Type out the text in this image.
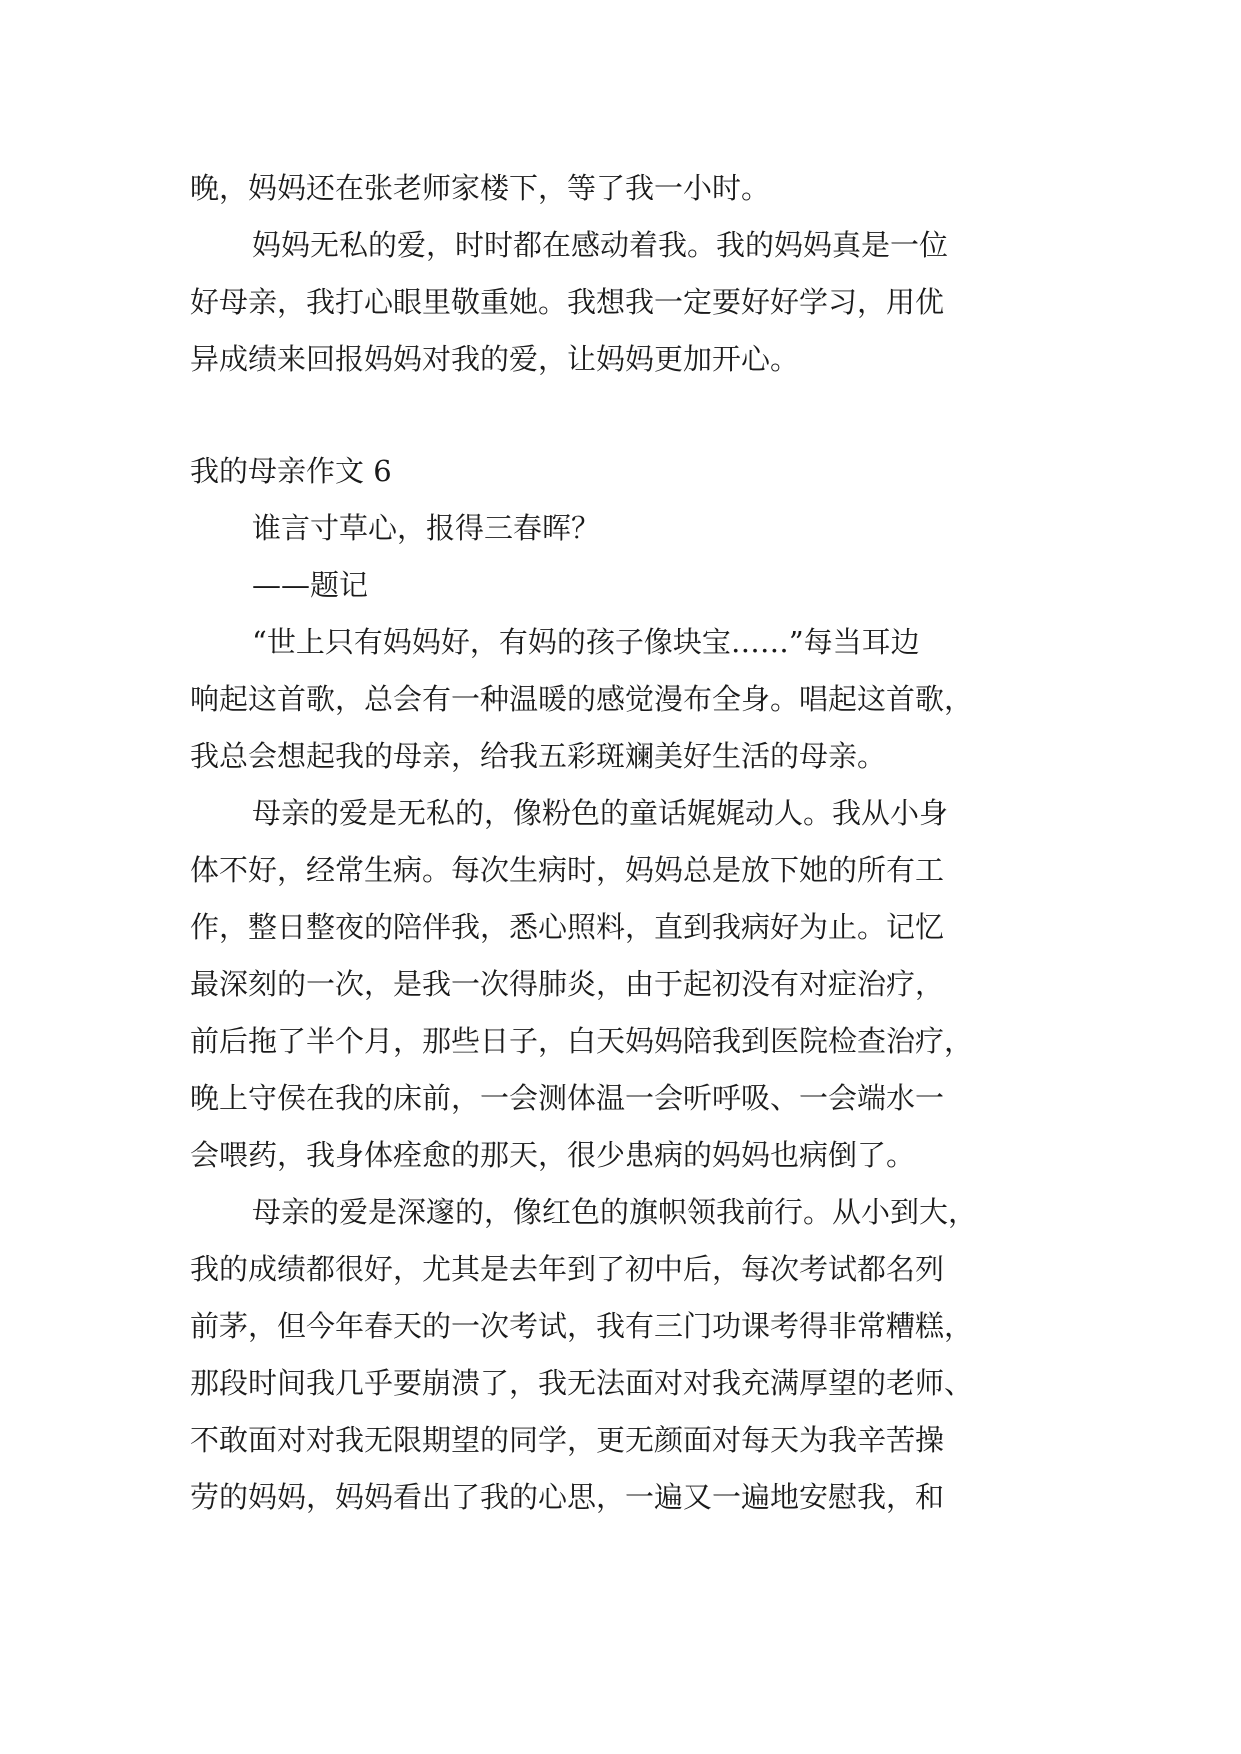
晚，妈妈还在张老师家楼下，等了我一小时。
妈妈无私的爱，时时都在感动着我。我的妈妈真是一位
好母亲，我打心眼里敬重她。我想我一定要好好学习，用优
异成绩来回报妈妈对我的爱，让妈妈更加开心。
我的母亲作文 6
谁言寸草心，报得三春晖？
——题记
“世上只有妈妈好，有妈的孩子像块宝……”每当耳边
响起这首歌，总会有一种温暖的感觉漫布全身。唱起这首歌，
我总会想起我的母亲，给我五彩斑斓美好生活的母亲。
母亲的爱是无私的，像粉色的童话娓娓动人。我从小身
体不好，经常生病。每次生病时，妈妈总是放下她的所有工
作，整日整夜的陪伴我，悉心照料，直到我病好为止。记忆
最深刻的一次，是我一次得肺炎，由于起初没有对症治疗，
前后拖了半个月，那些日子，白天妈妈陪我到医院检查治疗，
晚上守侯在我的床前，一会测体温一会听呼吸、一会端水一
会喂药，我身体痊愈的那天，很少患病的妈妈也病倒了。
母亲的爱是深邃的，像红色的旗帜领我前行。从小到大，
我的成绩都很好，尤其是去年到了初中后，每次考试都名列
前茅，但今年春天的一次考试，我有三门功课考得非常糟糕，
那段时间我几乎要崩溃了，我无法面对对我充满厚望的老师、
不敢面对对我无限期望的同学，更无颜面对每天为我辛苦操
劳的妈妈，妈妈看出了我的心思，一遍又一遍地安慰我，和
